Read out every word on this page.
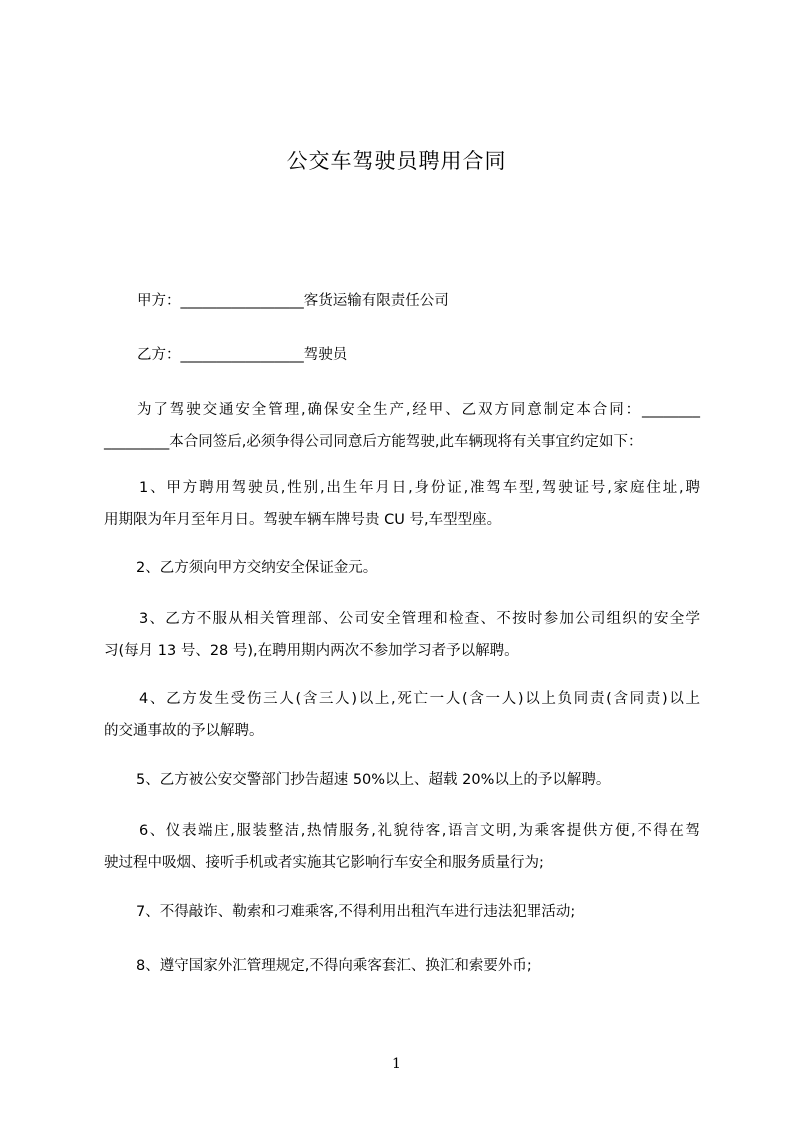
公交车驾驶员聘用合同
甲方：_________________客货运输有限责任公司
乙方：_________________驾驶员
为了驾驶交通安全管理,确保安全生产,经甲、乙双方同意制定本合同：________
_________本合同签后,必须争得公司同意后方能驾驶,此车辆现将有关事宜约定如下：
1、甲方聘用驾驶员,性别,出生年月日,身份证,准驾车型,驾驶证号,家庭住址,聘
用期限为年月至年月日。驾驶车辆车牌号贵 CU 号,车型型座。
2、乙方须向甲方交纳安全保证金元。
3、乙方不服从相关管理部、公司安全管理和检查、不按时参加公司组织的安全学
习(每月 13 号、28 号),在聘用期内两次不参加学习者予以解聘。
4、乙方发生受伤三人(含三人)以上,死亡一人(含一人)以上负同责(含同责)以上
的交通事故的予以解聘。
5、乙方被公安交警部门抄告超速 50%以上、超载 20%以上的予以解聘。
6、仪表端庄,服装整洁,热情服务,礼貌待客,语言文明,为乘客提供方便,不得在驾
驶过程中吸烟、接听手机或者实施其它影响行车安全和服务质量行为;
7、不得敲诈、勒索和刁难乘客,不得利用出租汽车进行违法犯罪活动;
8、遵守国家外汇管理规定,不得向乘客套汇、换汇和索要外币;
1
